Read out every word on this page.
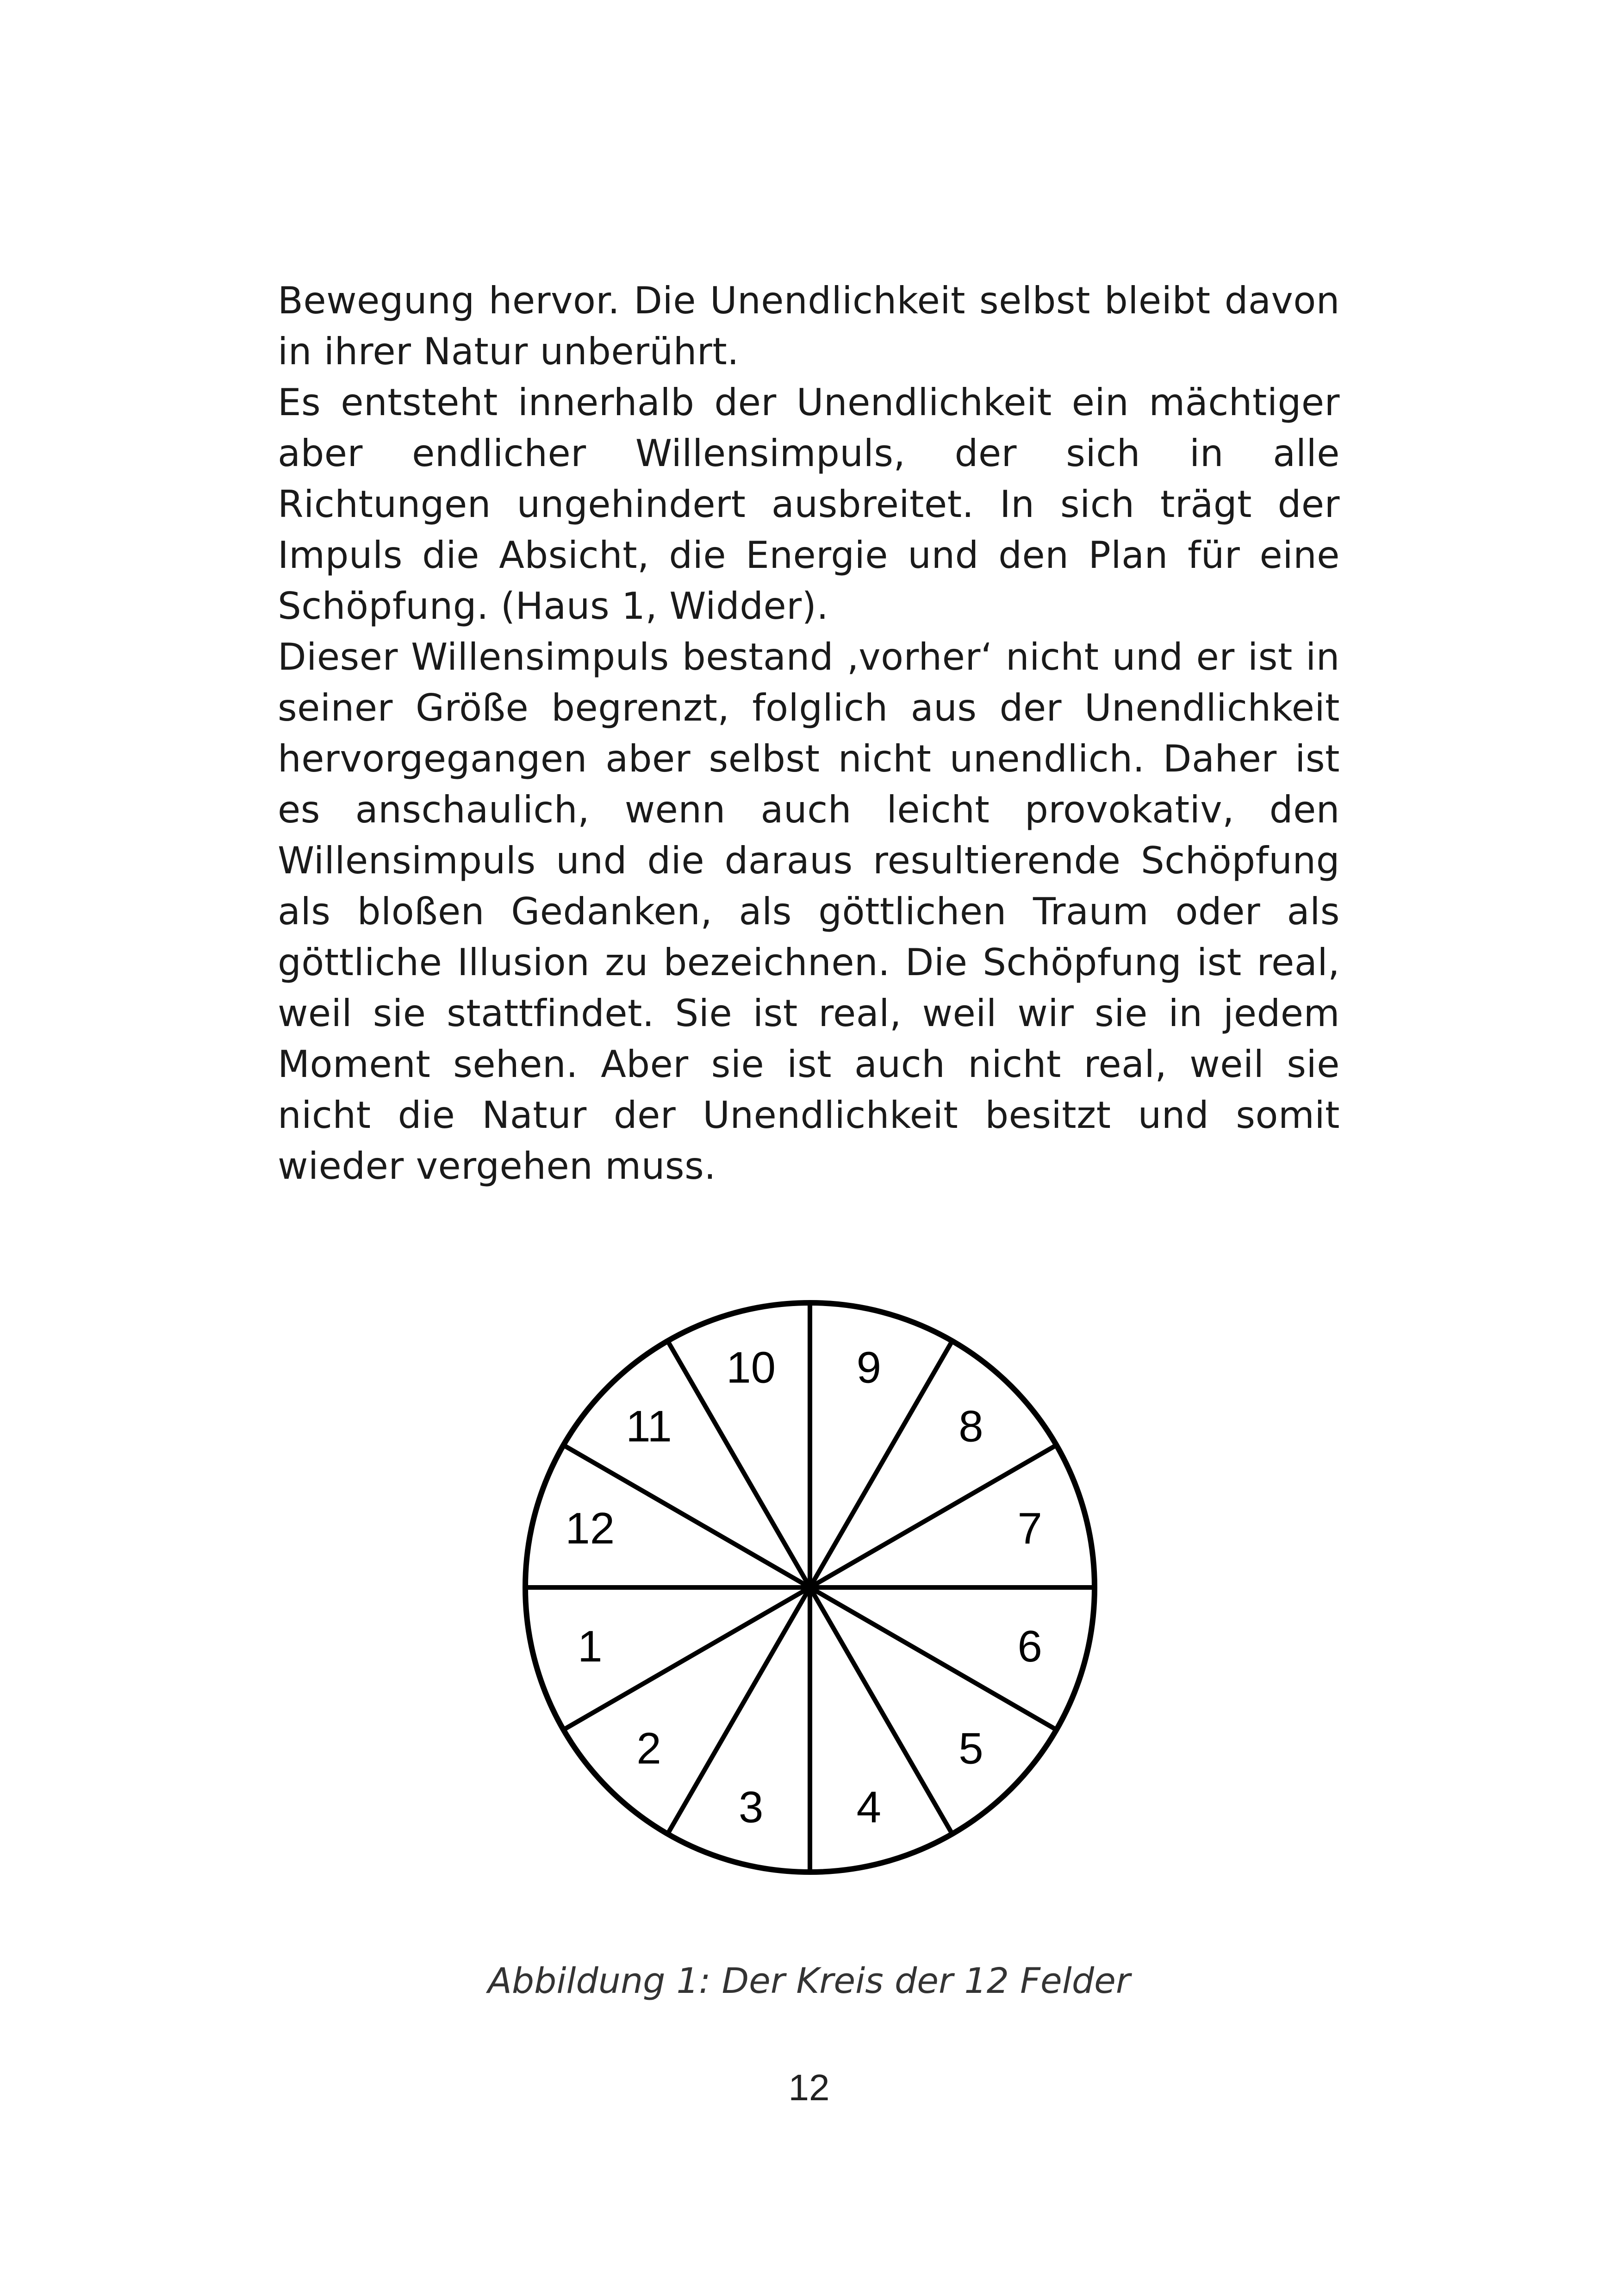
Bewegung hervor. Die Unendlichkeit selbst bleibt davon in ihrer Natur unberührt.

Es entsteht innerhalb der Unendlichkeit ein mächtiger aber endlicher Willensimpuls, der sich in alle Richtungen ungehindert ausbreitet. In sich trägt der Impuls die Absicht, die Energie und den Plan für eine Schöpfung. (Haus 1, Widder).

Dieser Willensimpuls bestand ‚vorher‘ nicht und er ist in seiner Größe begrenzt, folglich aus der Unendlichkeit hervorgegangen aber selbst nicht unendlich. Daher ist es anschaulich, wenn auch leicht provokativ, den Willensimpuls und die daraus resultierende Schöpfung als bloßen Gedanken, als göttlichen Traum oder als göttliche Illusion zu bezeichnen. Die Schöpfung ist real, weil sie stattfindet. Sie ist real, weil wir sie in jedem Moment sehen. Aber sie ist auch nicht real, weil sie nicht die Natur der Unendlichkeit besitzt und somit wieder vergehen muss.

1
2
3 4
5
6
7
8
9
10
11
12
Abbildung 1: Der Kreis der 12 Felder
12
